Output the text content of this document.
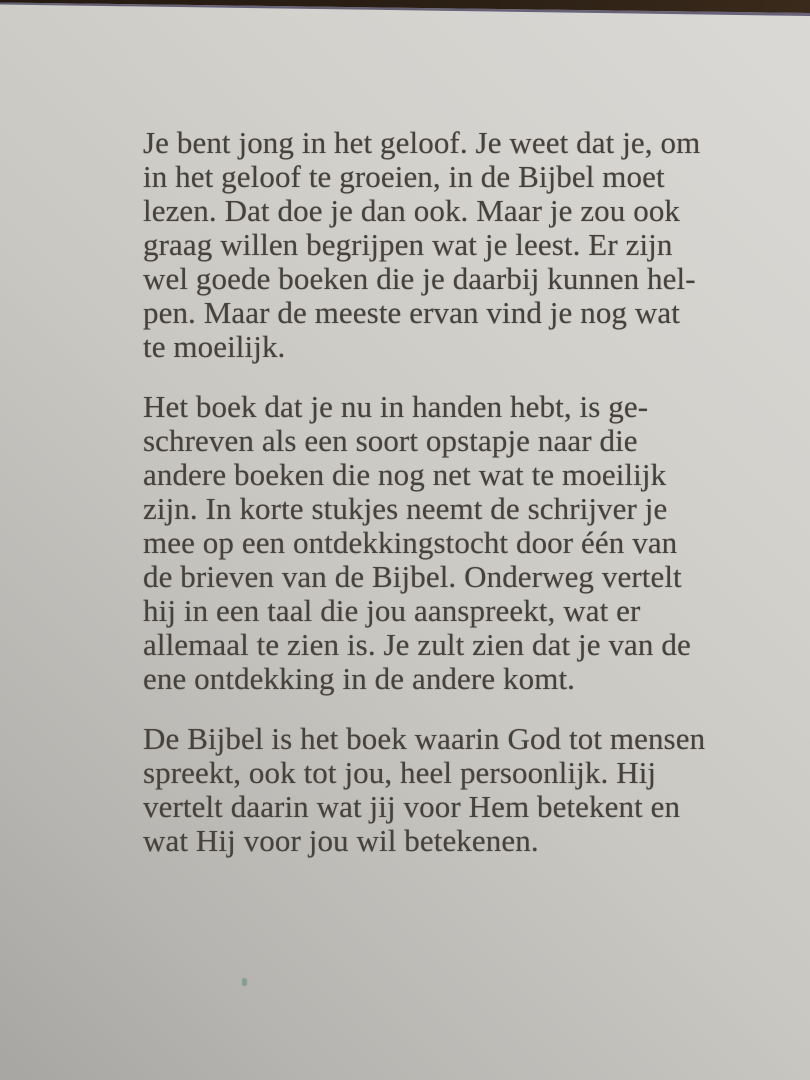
Je bent jong in het geloof. Je weet dat je, om
in het geloof te groeien, in de Bijbel moet
lezen. Dat doe je dan ook. Maar je zou ook
graag willen begrijpen wat je leest. Er zijn
wel goede boeken die je daarbij kunnen hel-
pen. Maar de meeste ervan vind je nog wat
te moeilijk.
Het boek dat je nu in handen hebt, is ge-
schreven als een soort opstapje naar die
andere boeken die nog net wat te moeilijk
zijn. In korte stukjes neemt de schrijver je
mee op een ontdekkingstocht door één van
de brieven van de Bijbel. Onderweg vertelt
hij in een taal die jou aanspreekt, wat er
allemaal te zien is. Je zult zien dat je van de
ene ontdekking in de andere komt.
De Bijbel is het boek waarin God tot mensen
spreekt, ook tot jou, heel persoonlijk. Hij
vertelt daarin wat jij voor Hem betekent en
wat Hij voor jou wil betekenen.
